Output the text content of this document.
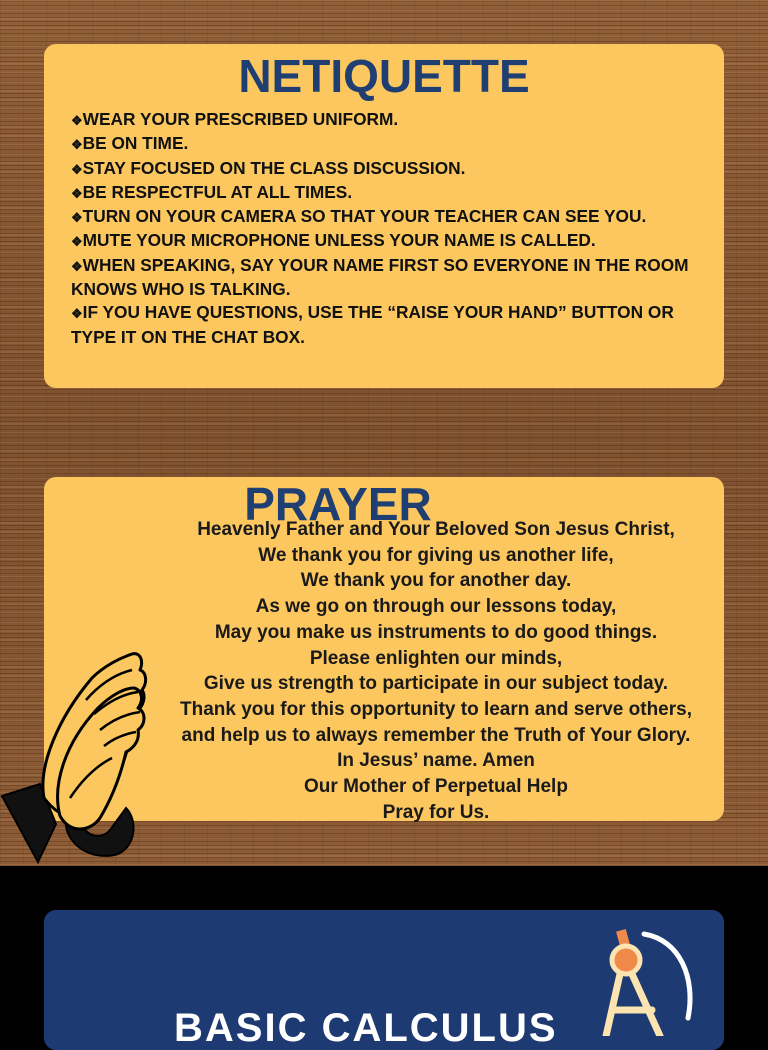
NETIQUETTE
❖ WEAR YOUR PRESCRIBED UNIFORM.
❖ BE ON TIME.
❖ STAY FOCUSED ON THE CLASS DISCUSSION.
❖ BE RESPECTFUL AT ALL TIMES.
❖ TURN ON YOUR CAMERA SO THAT YOUR TEACHER CAN SEE YOU.
❖ MUTE YOUR MICROPHONE UNLESS YOUR NAME IS CALLED.
❖ WHEN SPEAKING, SAY YOUR NAME FIRST SO EVERYONE IN THE ROOM KNOWS WHO IS TALKING.
❖ IF YOU HAVE QUESTIONS, USE THE “RAISE YOUR HAND” BUTTON OR TYPE IT ON THE CHAT BOX.
PRAYER
Heavenly Father and Your Beloved Son Jesus Christ,
We thank you for giving us another life,
We thank you for another day.
As we go on through our lessons today,
May you make us instruments to do good things.
Please enlighten our minds,
Give us strength to participate in our subject today.
Thank you for this opportunity to learn and serve others,
and help us to always remember the Truth of Your Glory.
In Jesus’ name. Amen
Our Mother of Perpetual Help
Pray for Us.
BASIC CALCULUS
